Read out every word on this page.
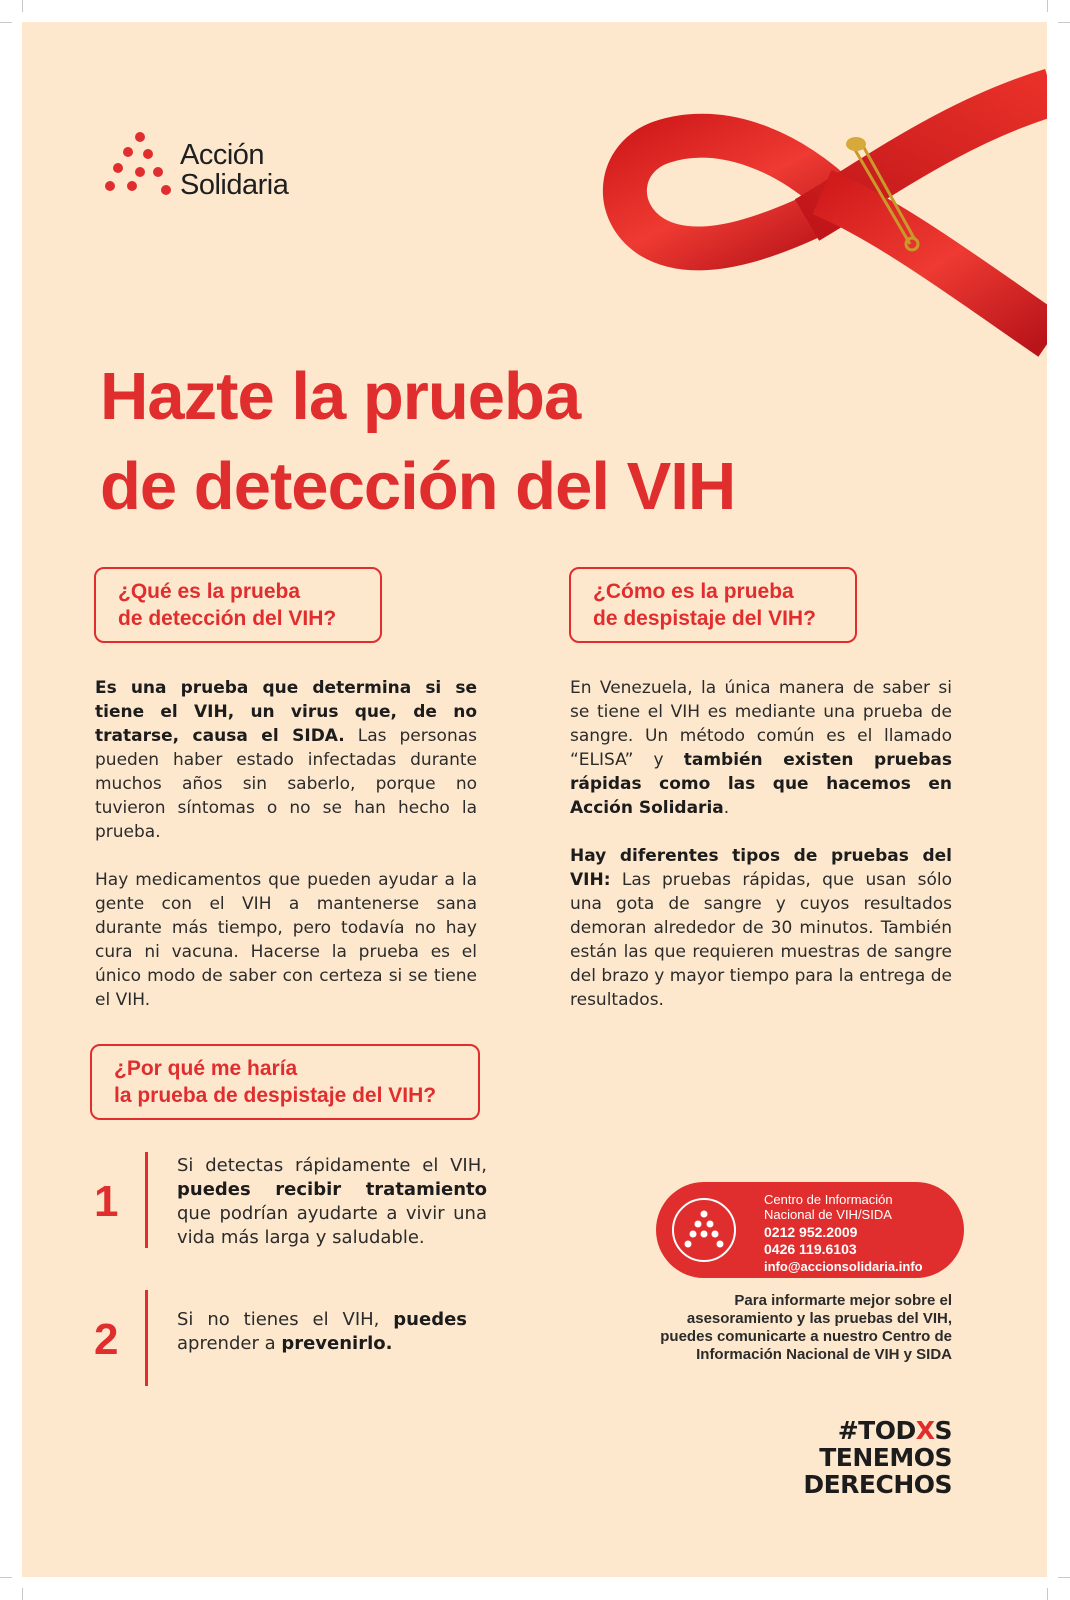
Acción
Solidaria
Hazte la prueba
de detección del VIH
¿Qué es la prueba
de detección del VIH?

Es una prueba que determina si se tiene el VIH, un virus que, de no tratarse, causa el SIDA. Las personas pueden haber estado infectadas durante muchos años sin saberlo, porque no tuvieron síntomas o no se han hecho la prueba.

Hay medicamentos que pueden ayudar a la gente con el VIH a mantenerse sana durante más tiempo, pero todavía no hay cura ni vacuna. Hacerse la prueba es el único modo de saber con certeza si se tiene el VIH.

¿Cómo es la prueba
de despistaje del VIH?

En Venezuela, la única manera de saber si se tiene el VIH es mediante una prueba de sangre. Un método común es el llamado “ELISA” y también existen pruebas rápidas como las que hacemos en Acción Solidaria.

Hay diferentes tipos de pruebas del VIH: Las pruebas rápidas, que usan sólo una gota de sangre y cuyos resultados demoran alrededor de 30 minutos. También están las que requieren muestras de sangre del brazo y mayor tiempo para la entrega de resultados.

¿Por qué me haría
la prueba de despistaje del VIH?
1

Si detectas rápidamente el VIH, puedes recibir tratamiento que podrían ayudarte a vivir una vida más larga y saludable.

2	Si no tienes el VIH, puedes aprender a prevenirlo.

Centro de Información
Nacional de VIH/SIDA
0212 952.2009
0426 119.6103
info@accionsolidaria.info

Para informarte mejor sobre el
asesoramiento y las pruebas del VIH,
puedes comunicarte a nuestro Centro de
Información Nacional de VIH y SIDA

#TODXS
TENEMOS
DERECHOS
